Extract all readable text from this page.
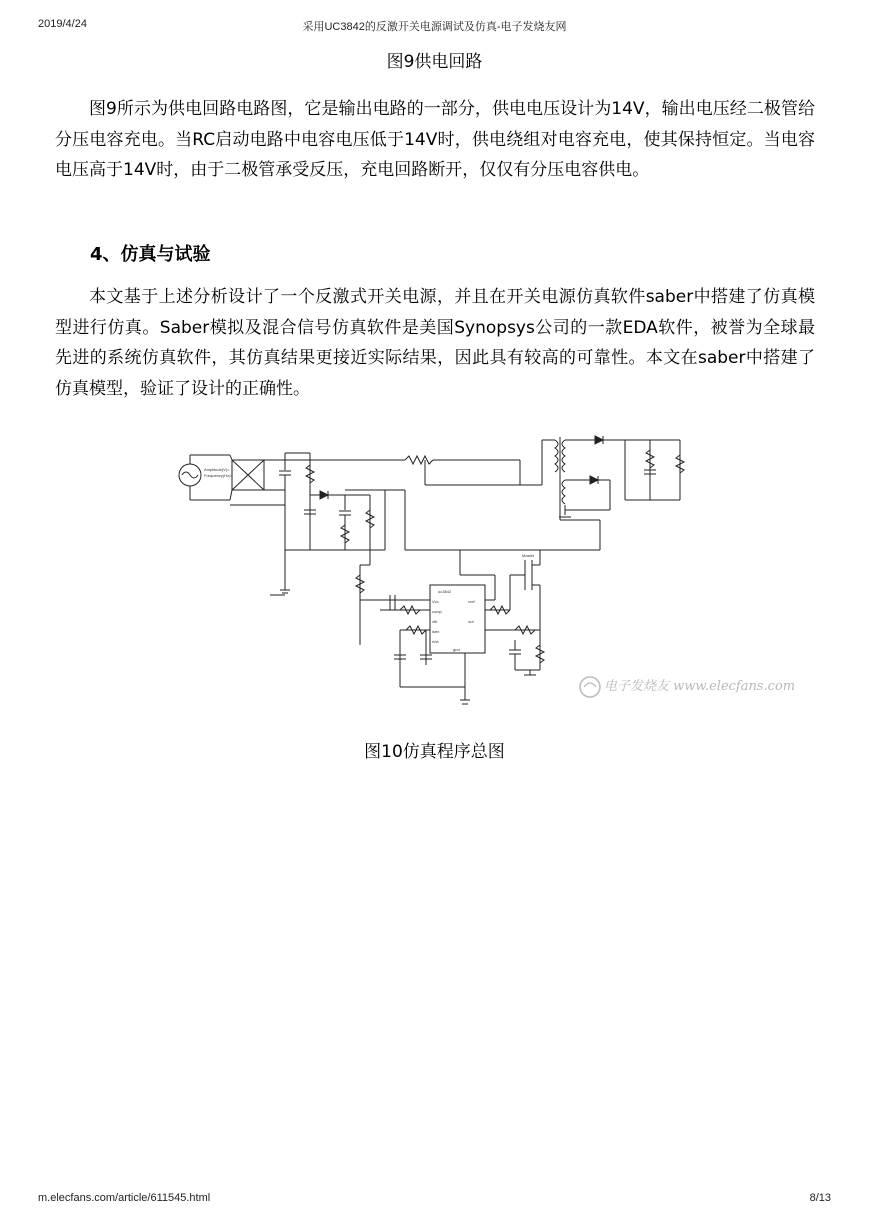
2019/4/24	采用UC3842的反激开关电源调试及仿真-电子发烧友网
图9供电回路

图9所示为供电回路电路图，它是输出电路的一部分，供电电压设计为14V，输出电压经二极管给分压电容充电。当RC启动电路中电容电压低于14V时，供电绕组对电容充电，使其保持恒定。当电容电压高于14V时，由于二极管承受反压，充电回路断开，仅仅有分压电容供电。

4、仿真与试验

本文基于上述分析设计了一个反激式开关电源，并且在开关电源仿真软件saber中搭建了仿真模型进行仿真。Saber模拟及混合信号仿真软件是美国Synopsys公司的一款EDA软件，被誉为全球最先进的系统仿真软件，其仿真结果更接近实际结果，因此具有较高的可靠性。本文在saber中搭建了仿真模型，验证了设计的正确性。

Amplitude(V)=
Frequency(Hz)=
uc3842
Vcc
comp
vfb
isen
rt/ct
gnd
vref
out
Mosfet
电子发烧友 www.elecfans.com
图10仿真程序总图
m.elecfans.com/article/611545.html	8/13
